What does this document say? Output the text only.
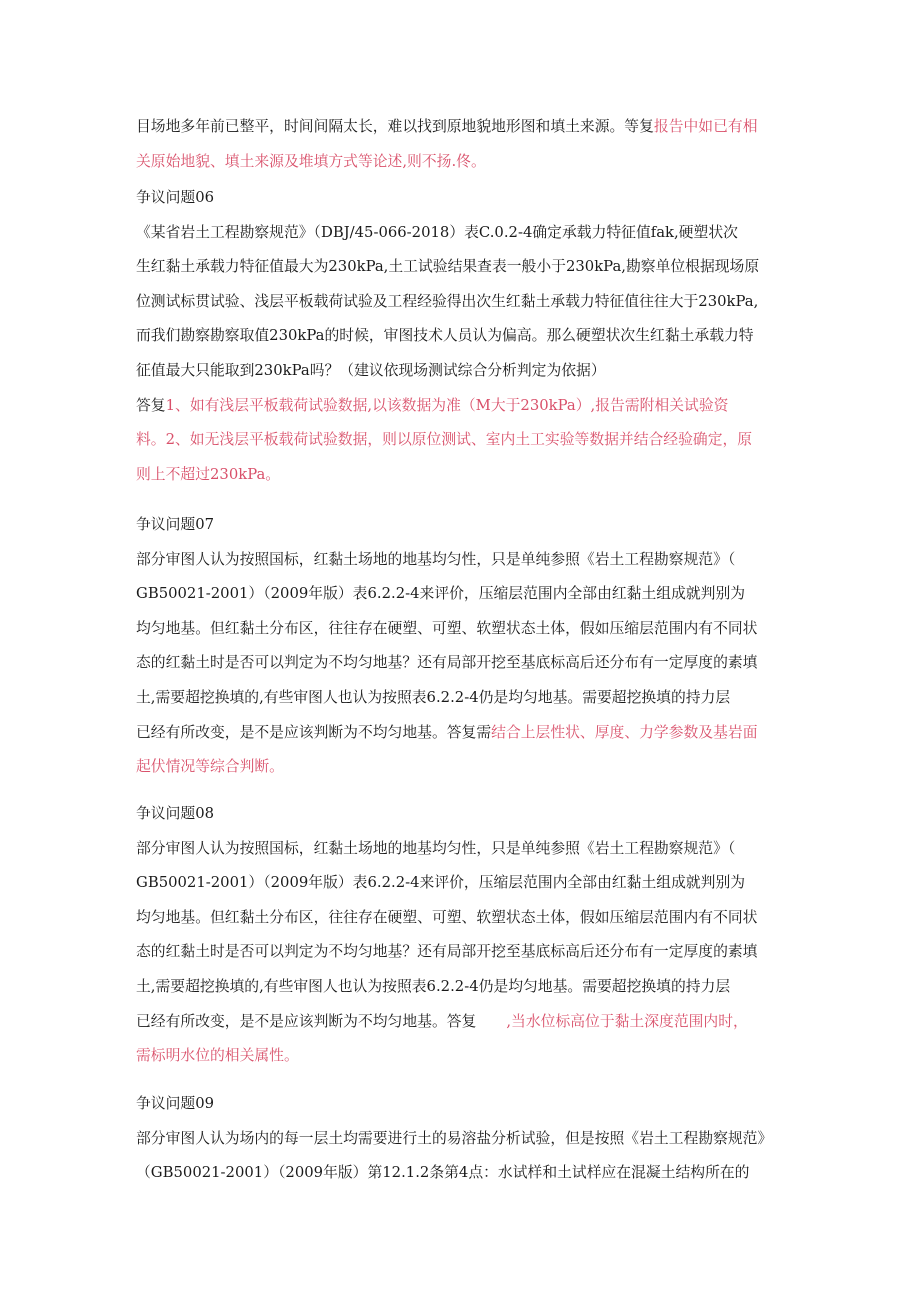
目场地多年前已整平，时间间隔太长，难以找到原地貌地形图和填土来源。等复报告中如已有相
关原始地貌、填土来源及堆填方式等论述,则不扬.佟。
争议问题06
《某省岩土工程勘察规范》（DBJ/45-066-2018）表C.0.2-4确定承载力特征值fak,硬塑状次
生红黏土承载力特征值最大为230kPa,土工试验结果查表一般小于230kPa,勘察单位根据现场原
位测试标贯试验、浅层平板载荷试验及工程经验得出次生红黏土承载力特征值往往大于230kPa,
而我们勘察勘察取值230kPa的时候，审图技术人员认为偏高。那么硬塑状次生红黏土承载力特
征值最大只能取到230kPa吗？（建议依现场测试综合分析判定为依据）
答复1、如有浅层平板载荷试验数据,以该数据为准（M大于230kPa）,报告需附相关试验资
料。2、如无浅层平板载荷试验数据，则以原位测试、室内土工实验等数据并结合经验确定，原
则上不超过230kPa。
争议问题07
部分审图人认为按照国标，红黏土场地的地基均匀性，只是单纯参照《岩土工程勘察规范》（
GB50021-2001）（2009年版）表6.2.2-4来评价，压缩层范围内全部由红黏土组成就判别为
均匀地基。但红黏土分布区，往往存在硬塑、可塑、软塑状态土体，假如压缩层范围内有不同状
态的红黏土时是否可以判定为不均匀地基？还有局部开挖至基底标高后还分布有一定厚度的素填
土,需要超挖换填的,有些审图人也认为按照表6.2.2-4仍是均匀地基。需要超挖换填的持力层
已经有所改变，是不是应该判断为不均匀地基。答复需结合上层性状、厚度、力学参数及基岩面
起伏情况等综合判断。
争议问题08
部分审图人认为按照国标，红黏土场地的地基均匀性，只是单纯参照《岩土工程勘察规范》（
GB50021-2001）（2009年版）表6.2.2-4来评价，压缩层范围内全部由红黏土组成就判别为
均匀地基。但红黏土分布区，往往存在硬塑、可塑、软塑状态土体，假如压缩层范围内有不同状
态的红黏土时是否可以判定为不均匀地基？还有局部开挖至基底标高后还分布有一定厚度的素填
土,需要超挖换填的,有些审图人也认为按照表6.2.2-4仍是均匀地基。需要超挖换填的持力层
已经有所改变，是不是应该判断为不均匀地基。答复 ,当水位标高位于黏土深度范围内时，
需标明水位的相关属性。
争议问题09
部分审图人认为场内的每一层土均需要进行土的易溶盐分析试验，但是按照《岩土工程勘察规范》
（GB50021-2001）（2009年版）第12.1.2条第4点：水试样和土试样应在混凝土结构所在的
